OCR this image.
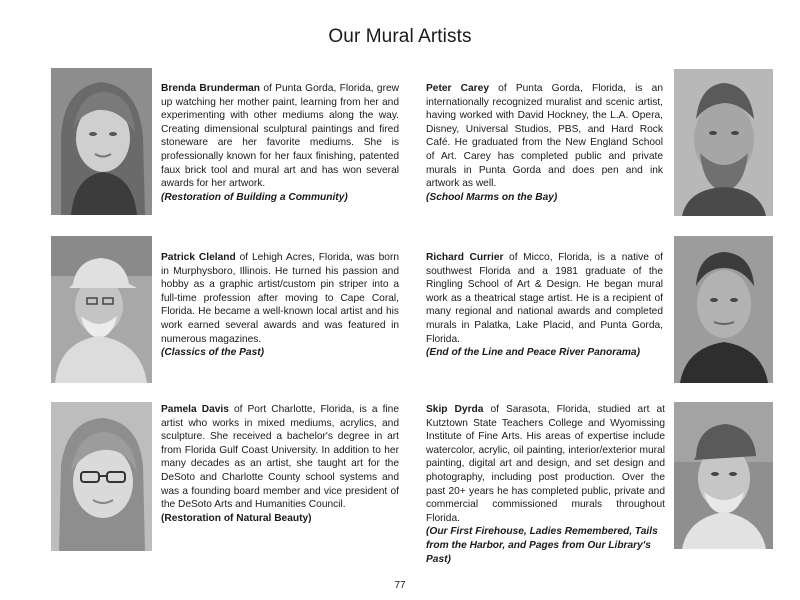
Our Mural Artists
Brenda Brunderman of Punta Gorda, Florida, grew up watching her mother paint, learning from her and experimenting with other mediums along the way. Creating dimensional sculptural paintings and fired stoneware are her favorite mediums. She is professionally known for her faux finishing, patented faux brick tool and mural art and has won several awards for her artwork.
(Restoration of Building a Community)
Peter Carey of Punta Gorda, Florida, is an internationally recognized muralist and scenic artist, having worked with David Hockney, the L.A. Opera, Disney, Universal Studios, PBS, and Hard Rock Café. He graduated from the New England School of Art. Carey has completed public and private murals in Punta Gorda and does pen and ink artwork as well.
(School Marms on the Bay)
Patrick Cleland of Lehigh Acres, Florida, was born in Murphysboro, Illinois. He turned his passion and hobby as a graphic artist/custom pin striper into a full-time profession after moving to Cape Coral, Florida. He became a well-known local artist and his work earned several awards and was featured in numerous magazines.
(Classics of the Past)
Richard Currier of Micco, Florida, is a native of southwest Florida and a 1981 graduate of the Ringling School of Art & Design. He began mural work as a theatrical stage artist. He is a recipient of many regional and national awards and completed murals in Palatka, Lake Placid, and Punta Gorda, Florida.
(End of the Line and Peace River Panorama)
Pamela Davis of Port Charlotte, Florida, is a fine artist who works in mixed mediums, acrylics, and sculpture. She received a bachelor's degree in art from Florida Gulf Coast University. In addition to her many decades as an artist, she taught art for the DeSoto and Charlotte County school systems and was a founding board member and vice president of the DeSoto Arts and Humanities Council.
(Restoration of Natural Beauty)
Skip Dyrda of Sarasota, Florida, studied art at Kutztown State Teachers College and Wyomissing Institute of Fine Arts. His areas of expertise include watercolor, acrylic, oil painting, interior/exterior mural painting, digital art and design, and set design and photography, including post production. Over the past 20+ years he has completed public, private and commercial commissioned murals throughout Florida.
(Our First Firehouse, Ladies Remembered, Tails from the Harbor, and Pages from Our Library's Past)
77
